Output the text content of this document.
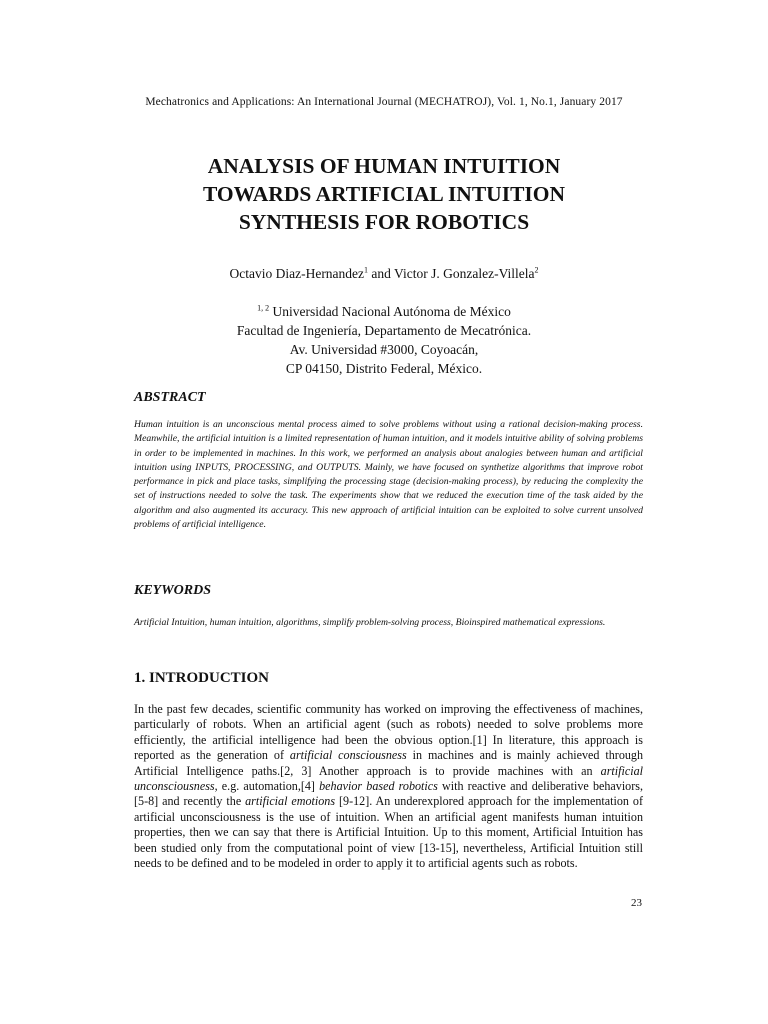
Mechatronics and Applications: An International Journal (MECHATROJ), Vol. 1, No.1, January 2017
ANALYSIS OF HUMAN INTUITION
TOWARDS ARTIFICIAL INTUITION
SYNTHESIS FOR ROBOTICS
Octavio Diaz-Hernandez$^1$ and Victor J. Gonzalez-Villela$^2$
$^{1, 2}$ Universidad Nacional Autónoma de México
Facultad de Ingeniería, Departamento de Mecatrónica.
Av. Universidad #3000, Coyoacán,
CP 04150, Distrito Federal, México.
ABSTRACT
Human intuition is an unconscious mental process aimed to solve problems without using a rational decision-making process. Meanwhile, the artificial intuition is a limited representation of human intuition, and it models intuitive ability of solving problems in order to be implemented in machines. In this work, we performed an analysis about analogies between human and artificial intuition using INPUTS, PROCESSING, and OUTPUTS. Mainly, we have focused on synthetize algorithms that improve robot performance in pick and place tasks, simplifying the processing stage (decision-making process), by reducing the complexity the set of instructions needed to solve the task. The experiments show that we reduced the execution time of the task aided by the algorithm and also augmented its accuracy. This new approach of artificial intuition can be exploited to solve current unsolved problems of artificial intelligence.
KEYWORDS
Artificial Intuition, human intuition, algorithms, simplify problem-solving process, Bioinspired mathematical expressions.
1. INTRODUCTION
In the past few decades, scientific community has worked on improving the effectiveness of machines, particularly of robots. When an artificial agent (such as robots) needed to solve problems more efficiently, the artificial intelligence had been the obvious option.[1] In literature, this approach is reported as the generation of artificial consciousness in machines and is mainly achieved through Artificial Intelligence paths.[2, 3] Another approach is to provide machines with an artificial unconsciousness, e.g. automation,[4] behavior based robotics with reactive and deliberative behaviors,[5-8] and recently the artificial emotions [9-12]. An underexplored approach for the implementation of artificial unconsciousness is the use of intuition. When an artificial agent manifests human intuition properties, then we can say that there is Artificial Intuition. Up to this moment, Artificial Intuition has been studied only from the computational point of view [13-15], nevertheless, Artificial Intuition still needs to be defined and to be modeled in order to apply it to artificial agents such as robots.
23
